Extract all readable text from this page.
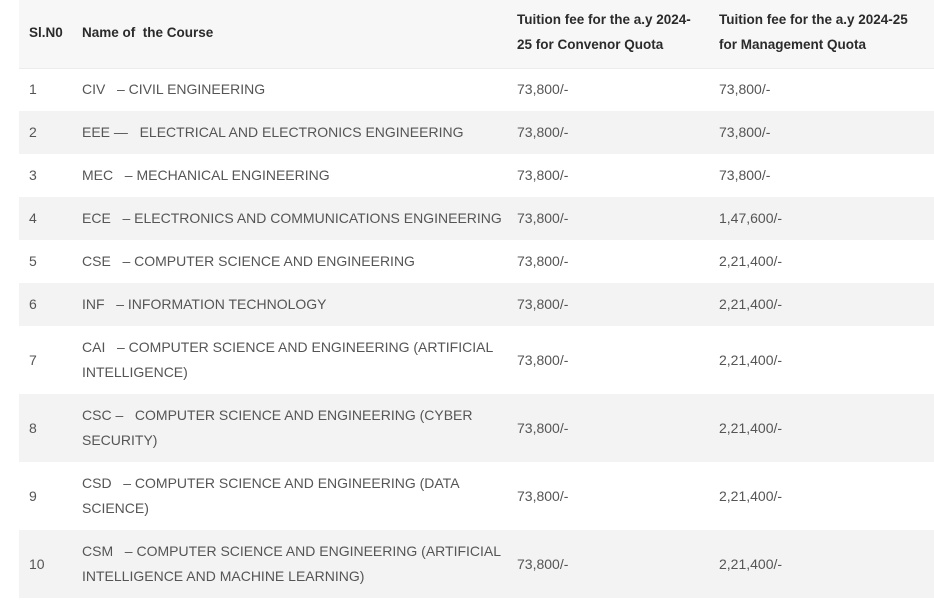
Sl.N0	Name of  the Course	Tuition fee for the a.y 2024-25 for Convenor Quota	Tuition fee for the a.y 2024-25 for Management Quota
1	CIV   – CIVIL ENGINEERING	73,800/-	73,800/-
2	EEE —   ELECTRICAL AND ELECTRONICS ENGINEERING	73,800/-	73,800/-
3	MEC   – MECHANICAL ENGINEERING	73,800/-	73,800/-
4	ECE   – ELECTRONICS AND COMMUNICATIONS ENGINEERING	73,800/-	1,47,600/-
5	CSE   – COMPUTER SCIENCE AND ENGINEERING	73,800/-	2,21,400/-
6	INF   – INFORMATION TECHNOLOGY	73,800/-	2,21,400/-
7	CAI   – COMPUTER SCIENCE AND ENGINEERING (ARTIFICIAL INTELLIGENCE)	73,800/-	2,21,400/-
8	CSC –   COMPUTER SCIENCE AND ENGINEERING (CYBER SECURITY)	73,800/-	2,21,400/-
9	CSD   – COMPUTER SCIENCE AND ENGINEERING (DATA SCIENCE)	73,800/-	2,21,400/-
10	CSM   – COMPUTER SCIENCE AND ENGINEERING (ARTIFICIAL   INTELLIGENCE AND MACHINE LEARNING)	73,800/-	2,21,400/-
